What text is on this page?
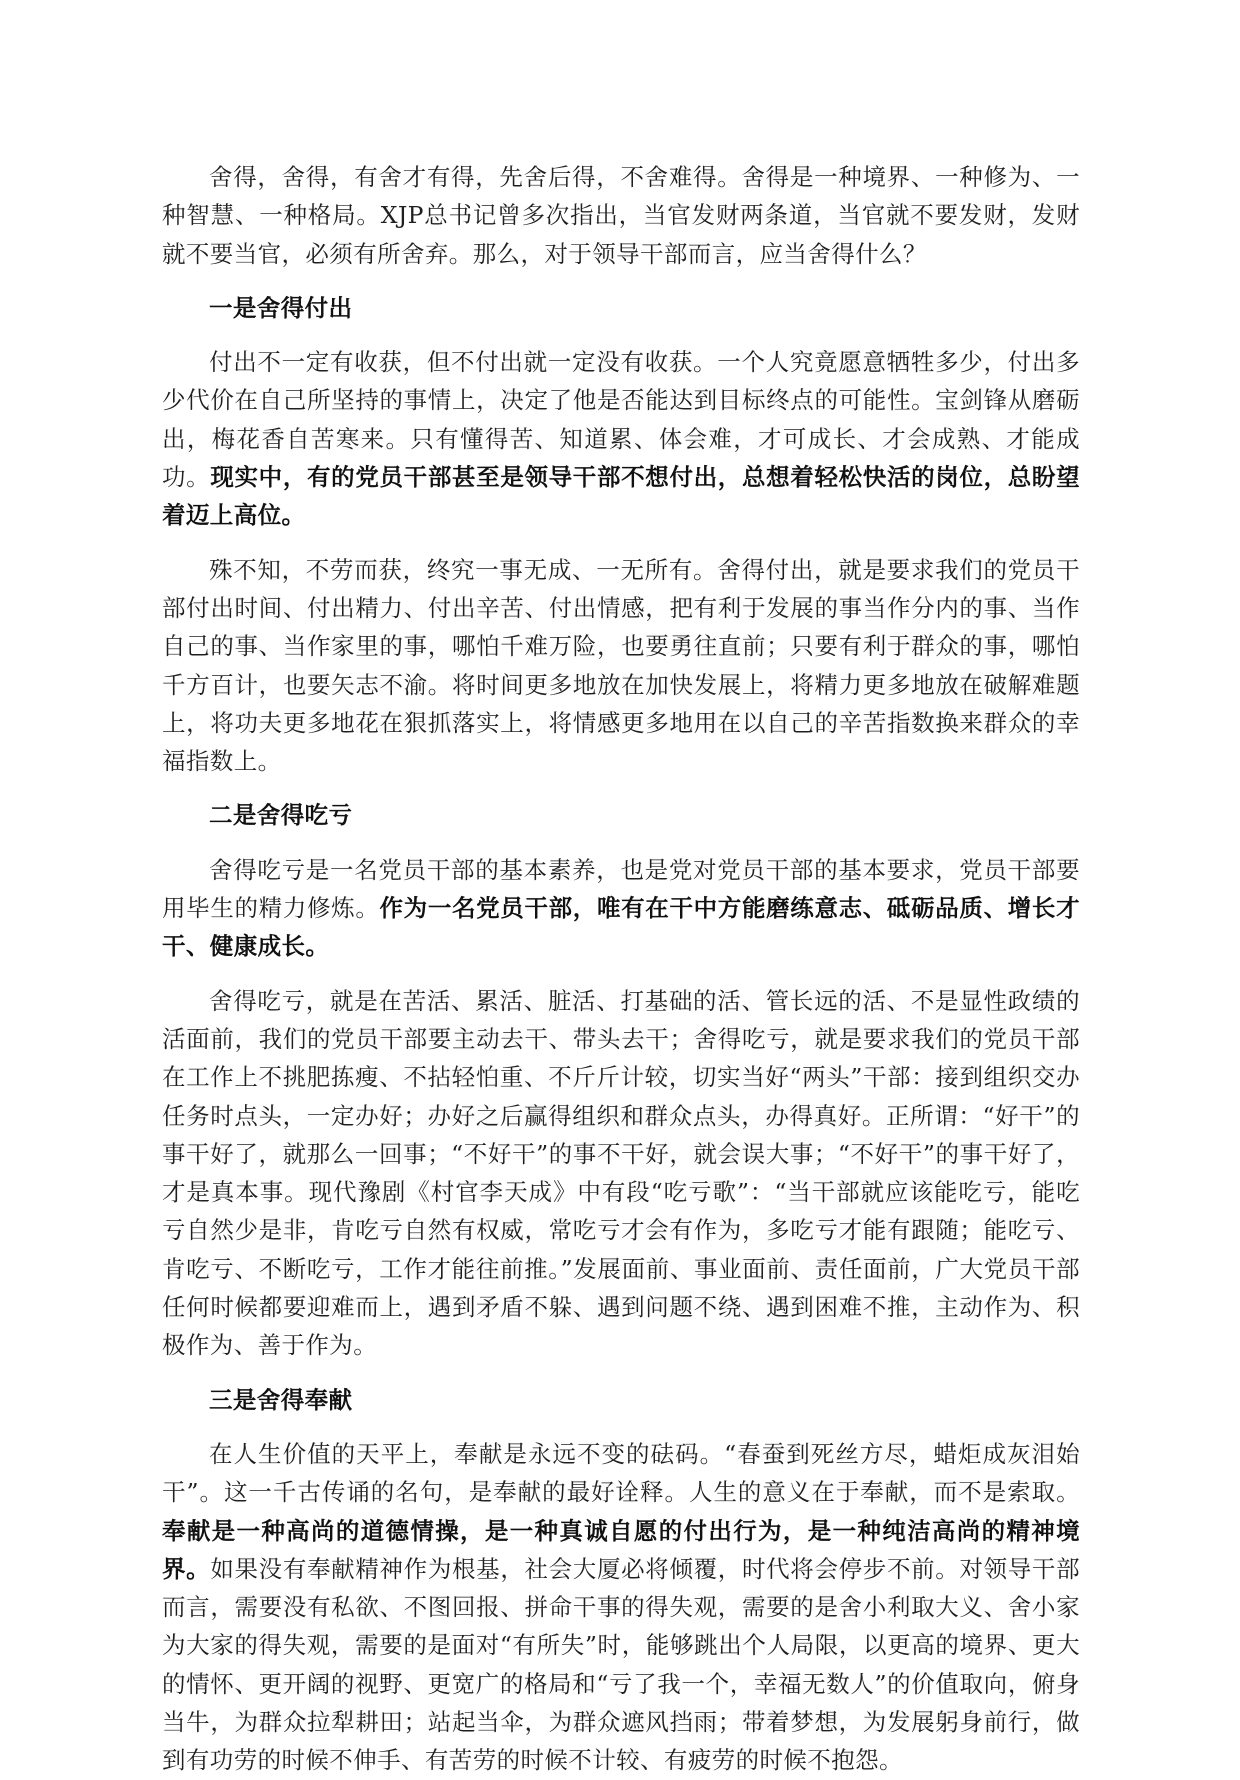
舍得，舍得，有舍才有得，先舍后得，不舍难得。舍得是一种境界、一种修为、一种智慧、一种格局。XJP总书记曾多次指出，当官发财两条道，当官就不要发财，发财就不要当官，必须有所舍弃。那么，对于领导干部而言，应当舍得什么？

一是舍得付出

付出不一定有收获，但不付出就一定没有收获。一个人究竟愿意牺牲多少，付出多少代价在自己所坚持的事情上，决定了他是否能达到目标终点的可能性。宝剑锋从磨砺出，梅花香自苦寒来。只有懂得苦、知道累、体会难，才可成长、才会成熟、才能成功。现实中，有的党员干部甚至是领导干部不想付出，总想着轻松快活的岗位，总盼望着迈上高位。

殊不知，不劳而获，终究一事无成、一无所有。舍得付出，就是要求我们的党员干部付出时间、付出精力、付出辛苦、付出情感，把有利于发展的事当作分内的事、当作自己的事、当作家里的事，哪怕千难万险，也要勇往直前；只要有利于群众的事，哪怕千方百计，也要矢志不渝。将时间更多地放在加快发展上，将精力更多地放在破解难题上，将功夫更多地花在狠抓落实上，将情感更多地用在以自己的辛苦指数换来群众的幸福指数上。

二是舍得吃亏

舍得吃亏是一名党员干部的基本素养，也是党对党员干部的基本要求，党员干部要用毕生的精力修炼。作为一名党员干部，唯有在干中方能磨练意志、砥砺品质、增长才干、健康成长。

舍得吃亏，就是在苦活、累活、脏活、打基础的活、管长远的活、不是显性政绩的活面前，我们的党员干部要主动去干、带头去干；舍得吃亏，就是要求我们的党员干部在工作上不挑肥拣瘦、不拈轻怕重、不斤斤计较，切实当好“两头”干部：接到组织交办任务时点头，一定办好；办好之后赢得组织和群众点头，办得真好。正所谓：“好干”的事干好了，就那么一回事；“不好干”的事不干好，就会误大事；“不好干”的事干好了，才是真本事。现代豫剧《村官李天成》中有段“吃亏歌”：“当干部就应该能吃亏，能吃亏自然少是非，肯吃亏自然有权威，常吃亏才会有作为，多吃亏才能有跟随；能吃亏、肯吃亏、不断吃亏，工作才能往前推。”发展面前、事业面前、责任面前，广大党员干部任何时候都要迎难而上，遇到矛盾不躲、遇到问题不绕、遇到困难不推，主动作为、积极作为、善于作为。

三是舍得奉献

在人生价值的天平上，奉献是永远不变的砝码。“春蚕到死丝方尽，蜡炬成灰泪始干”。这一千古传诵的名句，是奉献的最好诠释。人生的意义在于奉献，而不是索取。奉献是一种高尚的道德情操，是一种真诚自愿的付出行为，是一种纯洁高尚的精神境界。如果没有奉献精神作为根基，社会大厦必将倾覆，时代将会停步不前。对领导干部而言，需要没有私欲、不图回报、拼命干事的得失观，需要的是舍小利取大义、舍小家为大家的得失观，需要的是面对“有所失”时，能够跳出个人局限，以更高的境界、更大的情怀、更开阔的视野、更宽广的格局和“亏了我一个，幸福无数人”的价值取向，俯身当牛，为群众拉犁耕田；站起当伞，为群众遮风挡雨；带着梦想，为发展躬身前行，做到有功劳的时候不伸手、有苦劳的时候不计较、有疲劳的时候不抱怨。
